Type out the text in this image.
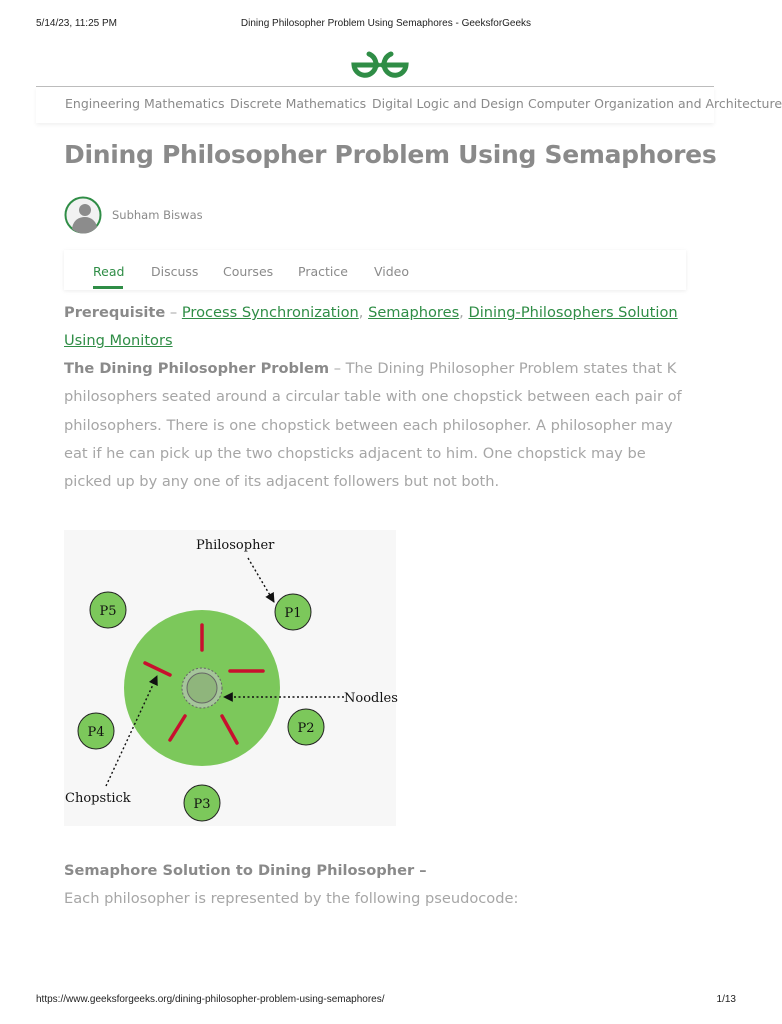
5/14/23, 11:25 PM	Dining Philosopher Problem Using Semaphores - GeeksforGeeks
Engineering Mathematics Discrete Mathematics Digital Logic and Design Computer Organization and Architecture
Dining Philosopher Problem Using Semaphores
Subham Biswas
Read Discuss Courses Practice Video

Prerequisite – Process Synchronization, Semaphores, Dining-Philosophers Solution Using Monitors

The Dining Philosopher Problem – The Dining Philosopher Problem states that K philosophers seated around a circular table with one chopstick between each pair of philosophers. There is one chopstick between each philosopher. A philosopher may eat if he can pick up the two chopsticks adjacent to him. One chopstick may be picked up by any one of its adjacent followers but not both.

P1
P2
P3
P4
P5
Philosopher
Noodles
Chopstick

Semaphore Solution to Dining Philosopher –

Each philosopher is represented by the following pseudocode:

https://www.geeksforgeeks.org/dining-philosopher-problem-using-semaphores/	1/13
